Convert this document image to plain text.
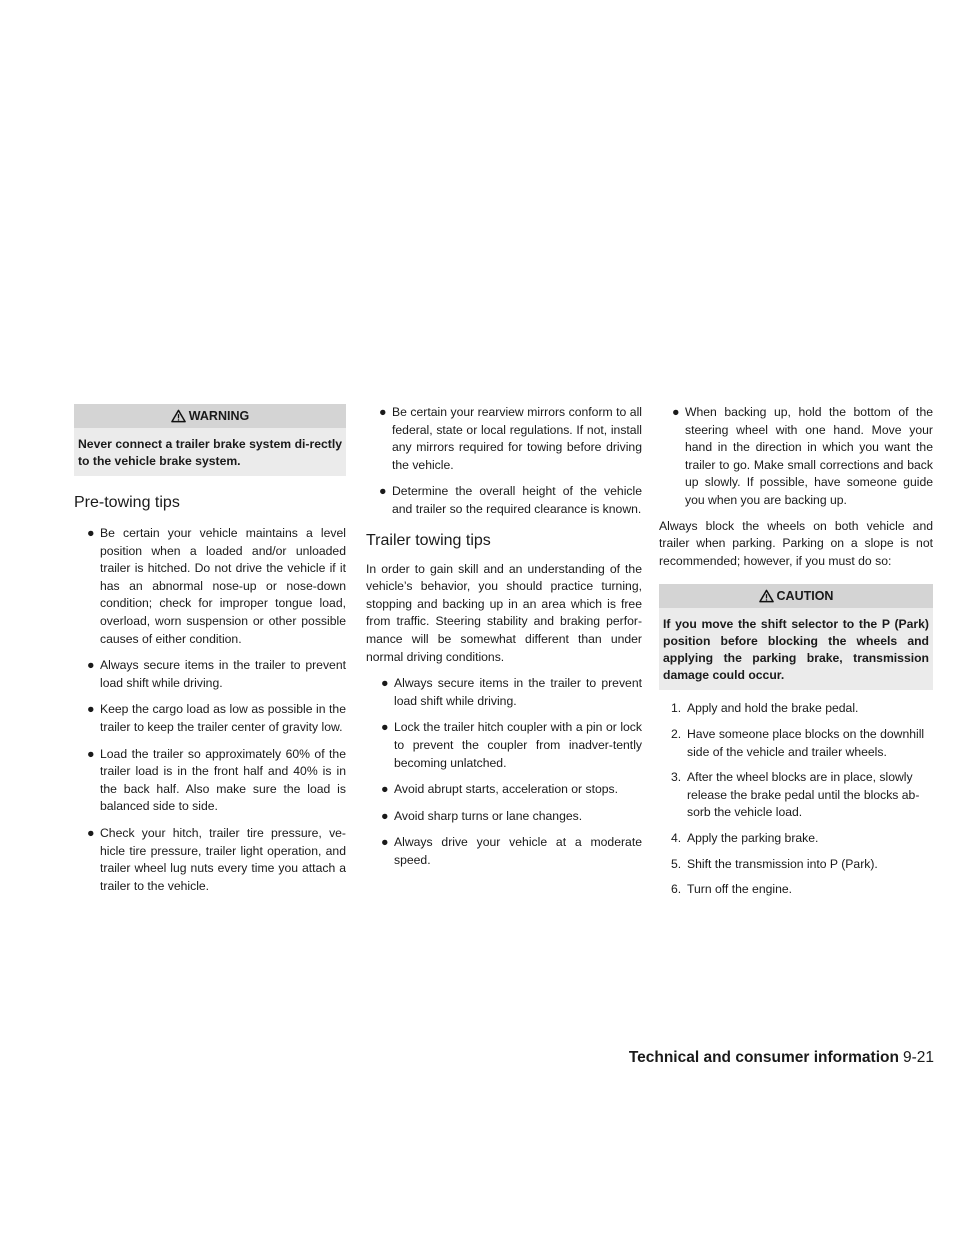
WARNING
Never connect a trailer brake system di-rectly to the vehicle brake system.
Pre-towing tips
● Be certain your vehicle maintains a level position when a loaded and/or unloaded trailer is hitched. Do not drive the vehicle if it has an abnormal nose-up or nose-down condition; check for improper tongue load, overload, worn suspension or other possible causes of either condition.
● Always secure items in the trailer to prevent load shift while driving.
● Keep the cargo load as low as possible in the trailer to keep the trailer center of gravity low.
● Load the trailer so approximately 60% of the trailer load is in the front half and 40% is in the back half. Also make sure the load is balanced side to side.
● Check your hitch, trailer tire pressure, ve-hicle tire pressure, trailer light operation, and trailer wheel lug nuts every time you attach a trailer to the vehicle.
● Be certain your rearview mirrors conform to all federal, state or local regulations. If not, install any mirrors required for towing before driving the vehicle.
● Determine the overall height of the vehicle and trailer so the required clearance is known.
Trailer towing tips

In order to gain skill and an understanding of the vehicle’s behavior, you should practice turning, stopping and backing up in an area which is free from traffic. Steering stability and braking perfor-mance will be somewhat different than under normal driving conditions.

● Always secure items in the trailer to prevent load shift while driving.
● Lock the trailer hitch coupler with a pin or lock to prevent the coupler from inadver-tently becoming unlatched.
● Avoid abrupt starts, acceleration or stops.
● Avoid sharp turns or lane changes.
● Always drive your vehicle at a moderate speed.
● When backing up, hold the bottom of the steering wheel with one hand. Move your hand in the direction in which you want the trailer to go. Make small corrections and back up slowly. If possible, have someone guide you when you are backing up.

Always block the wheels on both vehicle and trailer when parking. Parking on a slope is not recommended; however, if you must do so:

CAUTION
If you move the shift selector to the P (Park) position before blocking the wheels and applying the parking brake, transmission damage could occur.
1. Apply and hold the brake pedal.
2. Have someone place blocks on the downhill side of the vehicle and trailer wheels.
3. After the wheel blocks are in place, slowly release the brake pedal until the blocks ab-sorb the vehicle load.
4. Apply the parking brake.
5. Shift the transmission into P (Park).
6. Turn off the engine.
Technical and consumer information 9-21
